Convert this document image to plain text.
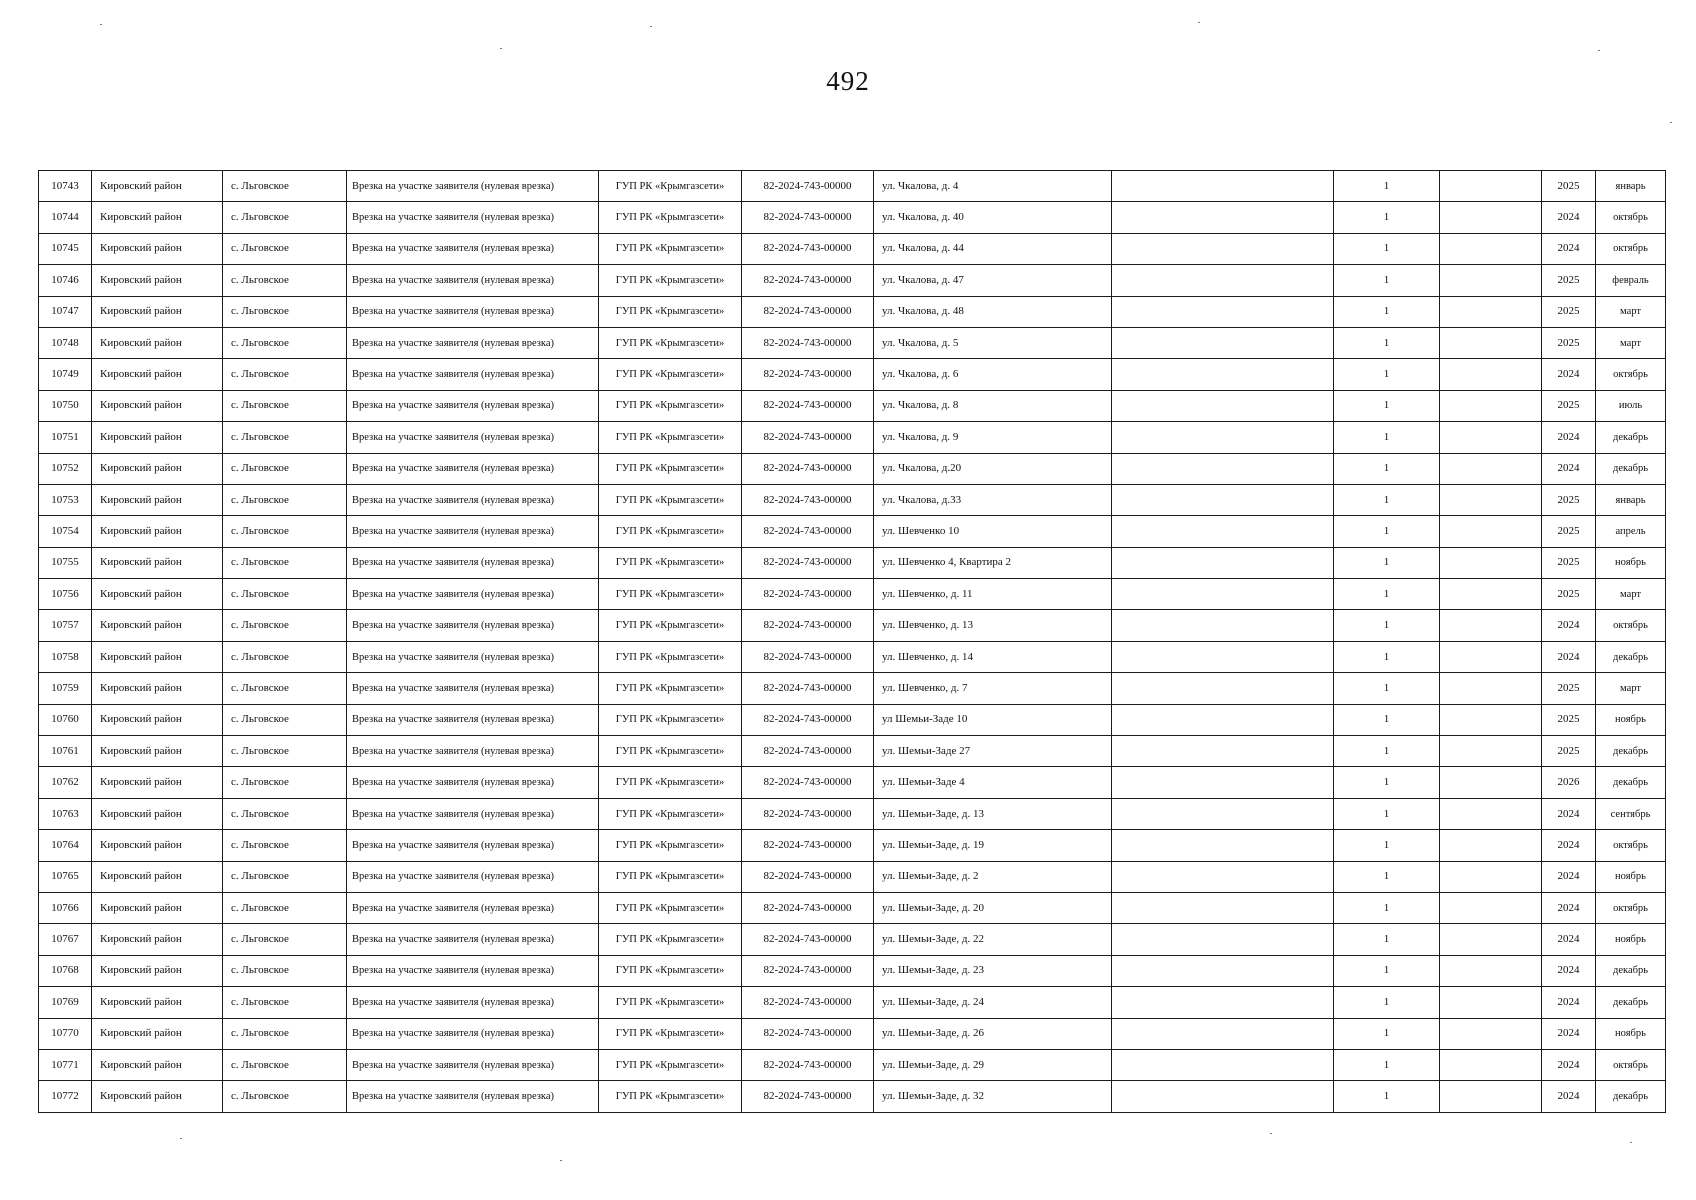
492
10743	Кировский район	с. Льговское	Врезка на участке заявителя (нулевая врезка)	ГУП РК «Крымгазсети»	82-2024-743-00000	ул. Чкалова, д. 4		1		2025	январь
10744	Кировский район	с. Льговское	Врезка на участке заявителя (нулевая врезка)	ГУП РК «Крымгазсети»	82-2024-743-00000	ул. Чкалова, д. 40		1		2024	октябрь
10745	Кировский район	с. Льговское	Врезка на участке заявителя (нулевая врезка)	ГУП РК «Крымгазсети»	82-2024-743-00000	ул. Чкалова, д. 44		1		2024	октябрь
10746	Кировский район	с. Льговское	Врезка на участке заявителя (нулевая врезка)	ГУП РК «Крымгазсети»	82-2024-743-00000	ул. Чкалова, д. 47		1		2025	февраль
10747	Кировский район	с. Льговское	Врезка на участке заявителя (нулевая врезка)	ГУП РК «Крымгазсети»	82-2024-743-00000	ул. Чкалова, д. 48		1		2025	март
10748	Кировский район	с. Льговское	Врезка на участке заявителя (нулевая врезка)	ГУП РК «Крымгазсети»	82-2024-743-00000	ул. Чкалова, д. 5		1		2025	март
10749	Кировский район	с. Льговское	Врезка на участке заявителя (нулевая врезка)	ГУП РК «Крымгазсети»	82-2024-743-00000	ул. Чкалова, д. 6		1		2024	октябрь
10750	Кировский район	с. Льговское	Врезка на участке заявителя (нулевая врезка)	ГУП РК «Крымгазсети»	82-2024-743-00000	ул. Чкалова, д. 8		1		2025	июль
10751	Кировский район	с. Льговское	Врезка на участке заявителя (нулевая врезка)	ГУП РК «Крымгазсети»	82-2024-743-00000	ул. Чкалова, д. 9		1		2024	декабрь
10752	Кировский район	с. Льговское	Врезка на участке заявителя (нулевая врезка)	ГУП РК «Крымгазсети»	82-2024-743-00000	ул. Чкалова, д.20		1		2024	декабрь
10753	Кировский район	с. Льговское	Врезка на участке заявителя (нулевая врезка)	ГУП РК «Крымгазсети»	82-2024-743-00000	ул. Чкалова, д.33		1		2025	январь
10754	Кировский район	с. Льговское	Врезка на участке заявителя (нулевая врезка)	ГУП РК «Крымгазсети»	82-2024-743-00000	ул. Шевченко 10		1		2025	апрель
10755	Кировский район	с. Льговское	Врезка на участке заявителя (нулевая врезка)	ГУП РК «Крымгазсети»	82-2024-743-00000	ул. Шевченко 4, Квартира 2		1		2025	ноябрь
10756	Кировский район	с. Льговское	Врезка на участке заявителя (нулевая врезка)	ГУП РК «Крымгазсети»	82-2024-743-00000	ул. Шевченко, д. 11		1		2025	март
10757	Кировский район	с. Льговское	Врезка на участке заявителя (нулевая врезка)	ГУП РК «Крымгазсети»	82-2024-743-00000	ул. Шевченко, д. 13		1		2024	октябрь
10758	Кировский район	с. Льговское	Врезка на участке заявителя (нулевая врезка)	ГУП РК «Крымгазсети»	82-2024-743-00000	ул. Шевченко, д. 14		1		2024	декабрь
10759	Кировский район	с. Льговское	Врезка на участке заявителя (нулевая врезка)	ГУП РК «Крымгазсети»	82-2024-743-00000	ул. Шевченко, д. 7		1		2025	март
10760	Кировский район	с. Льговское	Врезка на участке заявителя (нулевая врезка)	ГУП РК «Крымгазсети»	82-2024-743-00000	ул Шемьи-Заде 10		1		2025	ноябрь
10761	Кировский район	с. Льговское	Врезка на участке заявителя (нулевая врезка)	ГУП РК «Крымгазсети»	82-2024-743-00000	ул. Шемьи-Заде 27		1		2025	декабрь
10762	Кировский район	с. Льговское	Врезка на участке заявителя (нулевая врезка)	ГУП РК «Крымгазсети»	82-2024-743-00000	ул. Шемьи-Заде 4		1		2026	декабрь
10763	Кировский район	с. Льговское	Врезка на участке заявителя (нулевая врезка)	ГУП РК «Крымгазсети»	82-2024-743-00000	ул. Шемьи-Заде, д. 13		1		2024	сентябрь
10764	Кировский район	с. Льговское	Врезка на участке заявителя (нулевая врезка)	ГУП РК «Крымгазсети»	82-2024-743-00000	ул. Шемьи-Заде, д. 19		1		2024	октябрь
10765	Кировский район	с. Льговское	Врезка на участке заявителя (нулевая врезка)	ГУП РК «Крымгазсети»	82-2024-743-00000	ул. Шемьи-Заде, д. 2		1		2024	ноябрь
10766	Кировский район	с. Льговское	Врезка на участке заявителя (нулевая врезка)	ГУП РК «Крымгазсети»	82-2024-743-00000	ул. Шемьи-Заде, д. 20		1		2024	октябрь
10767	Кировский район	с. Льговское	Врезка на участке заявителя (нулевая врезка)	ГУП РК «Крымгазсети»	82-2024-743-00000	ул. Шемьи-Заде, д. 22		1		2024	ноябрь
10768	Кировский район	с. Льговское	Врезка на участке заявителя (нулевая врезка)	ГУП РК «Крымгазсети»	82-2024-743-00000	ул. Шемьи-Заде, д. 23		1		2024	декабрь
10769	Кировский район	с. Льговское	Врезка на участке заявителя (нулевая врезка)	ГУП РК «Крымгазсети»	82-2024-743-00000	ул. Шемьи-Заде, д. 24		1		2024	декабрь
10770	Кировский район	с. Льговское	Врезка на участке заявителя (нулевая врезка)	ГУП РК «Крымгазсети»	82-2024-743-00000	ул. Шемьи-Заде, д. 26		1		2024	ноябрь
10771	Кировский район	с. Льговское	Врезка на участке заявителя (нулевая врезка)	ГУП РК «Крымгазсети»	82-2024-743-00000	ул. Шемьи-Заде, д. 29		1		2024	октябрь
10772	Кировский район	с. Льговское	Врезка на участке заявителя (нулевая врезка)	ГУП РК «Крымгазсети»	82-2024-743-00000	ул. Шемьи-Заде, д. 32		1		2024	декабрь
